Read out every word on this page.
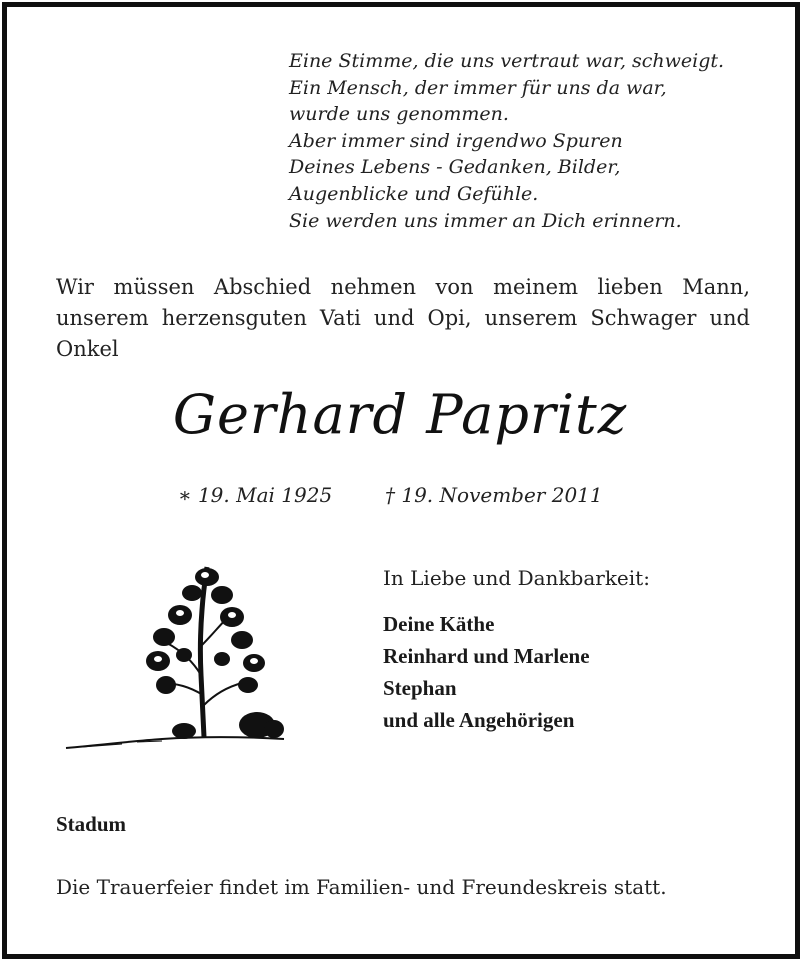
Eine Stimme, die uns vertraut war, schweigt.
Ein Mensch, der immer für uns da war,
wurde uns genommen.
Aber immer sind irgendwo Spuren
Deines Lebens - Gedanken, Bilder,
Augenblicke und Gefühle.
Sie werden uns immer an Dich erinnern.
Wir müssen Abschied nehmen von meinem lieben Mann,
unserem herzensguten Vati und Opi, unserem Schwager und
Onkel
Gerhard Papritz
∗ 19. Mai 1925	† 19. November 2011
In Liebe und Dankbarkeit:
Deine Käthe
Reinhard und Marlene
Stephan
und alle Angehörigen
Stadum
Die Trauerfeier findet im Familien- und Freundeskreis statt.
